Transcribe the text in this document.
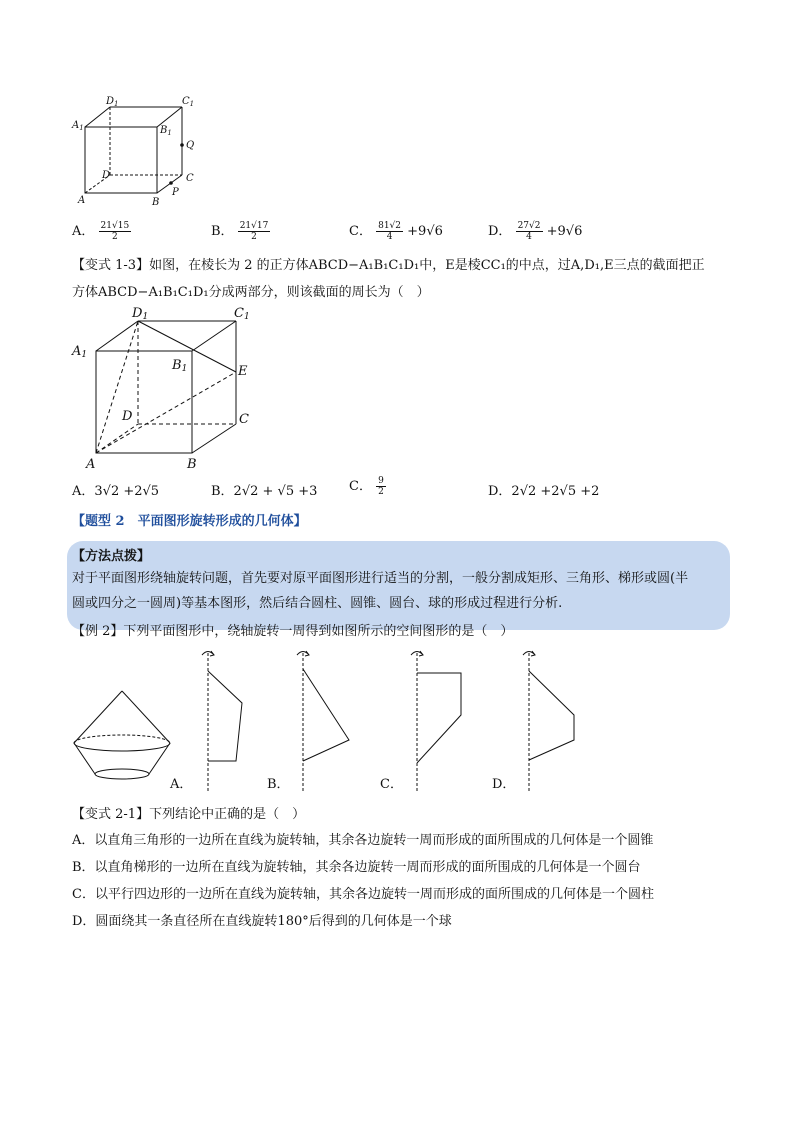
$D_1$	$C_1$
$A_1$	$B_1$
Q
D	C
P
A	B
A． $\frac{21√15}{2}$	B． $\frac{21√17}{2}$	C． $\frac{81√2}{4} +9√6$	D． $\frac{27√2}{4} +9√6$
【变式 1-3】如图，在棱长为 2 的正方体ABCD−A₁B₁C₁D₁中，E是棱CC₁的中点，过A,D₁,E三点的截面把正
方体ABCD−A₁B₁C₁D₁分成两部分，则该截面的周长为（　）
D1	C1
A1
B1	E
D	C
A	B
A．3√2 +2√5	B．2√2 + √5 +3 C． $\frac{9}{2}$	D．2√2 +2√5 +2
【题型 2　平面图形旋转形成的几何体】
【方法点拨】
对于平面图形绕轴旋转问题，首先要对原平面图形进行适当的分割，一般分割成矩形、三角形、梯形或圆(半
圆或四分之一圆周)等基本图形，然后结合圆柱、圆锥、圆台、球的形成过程进行分析.
【例 2】下列平面图形中，绕轴旋转一周得到如图所示的空间图形的是（　）
A．	B．	C．	D．
【变式 2-1】下列结论中正确的是（　）
A．以直角三角形的一边所在直线为旋转轴，其余各边旋转一周而形成的面所围成的几何体是一个圆锥
B．以直角梯形的一边所在直线为旋转轴，其余各边旋转一周而形成的面所围成的几何体是一个圆台
C．以平行四边形的一边所在直线为旋转轴，其余各边旋转一周而形成的面所围成的几何体是一个圆柱
D．圆面绕其一条直径所在直线旋转180°后得到的几何体是一个球
